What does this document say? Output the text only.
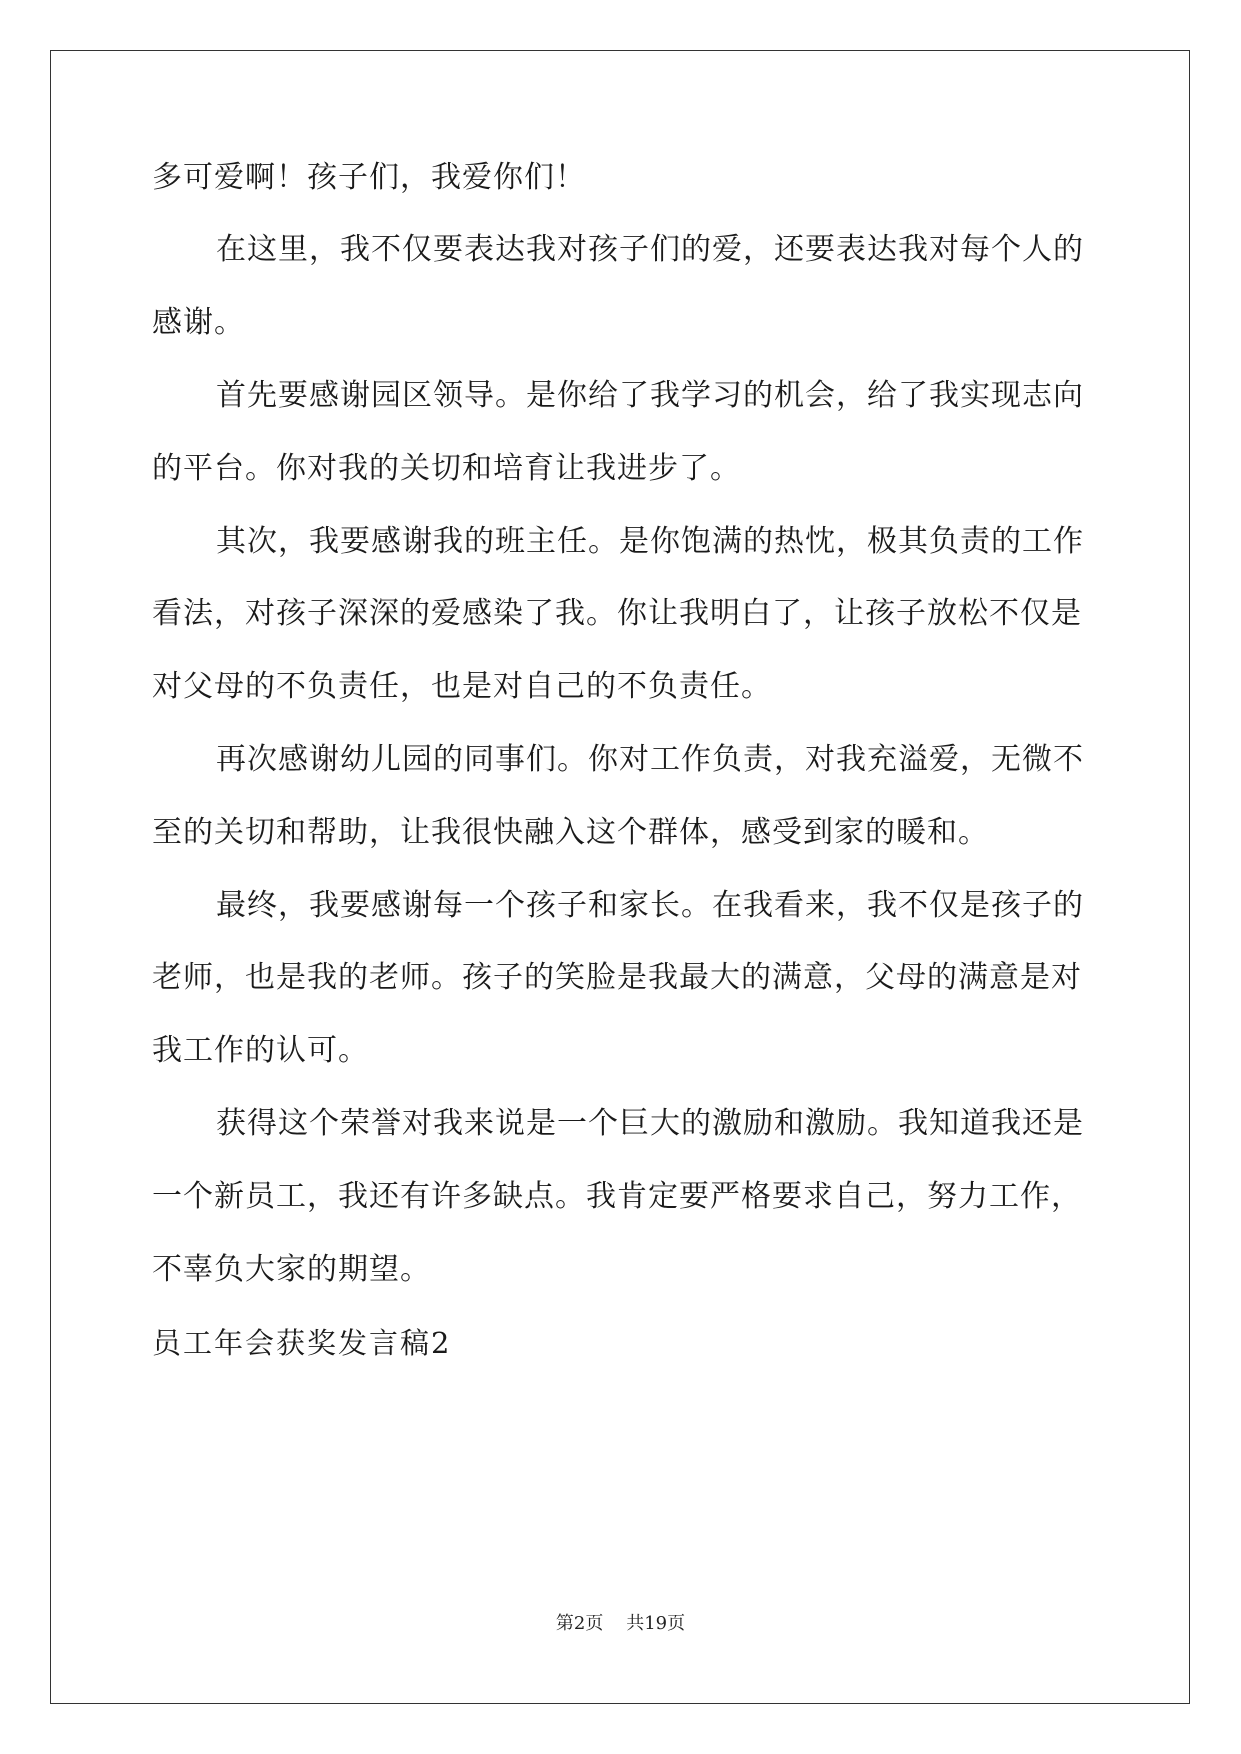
多可爱啊！孩子们，我爱你们！
在这里，我不仅要表达我对孩子们的爱，还要表达我对每个人的
感谢。
首先要感谢园区领导。是你给了我学习的机会，给了我实现志向
的平台。你对我的关切和培育让我进步了。
其次，我要感谢我的班主任。是你饱满的热忱，极其负责的工作
看法，对孩子深深的爱感染了我。你让我明白了，让孩子放松不仅是
对父母的不负责任，也是对自己的不负责任。
再次感谢幼儿园的同事们。你对工作负责，对我充溢爱，无微不
至的关切和帮助，让我很快融入这个群体，感受到家的暖和。
最终，我要感谢每一个孩子和家长。在我看来，我不仅是孩子的
老师，也是我的老师。孩子的笑脸是我最大的满意，父母的满意是对
我工作的认可。
获得这个荣誉对我来说是一个巨大的激励和激励。我知道我还是
一个新员工，我还有许多缺点。我肯定要严格要求自己，努力工作，
不辜负大家的期望。
员工年会获奖发言稿2
第2页    共19页
